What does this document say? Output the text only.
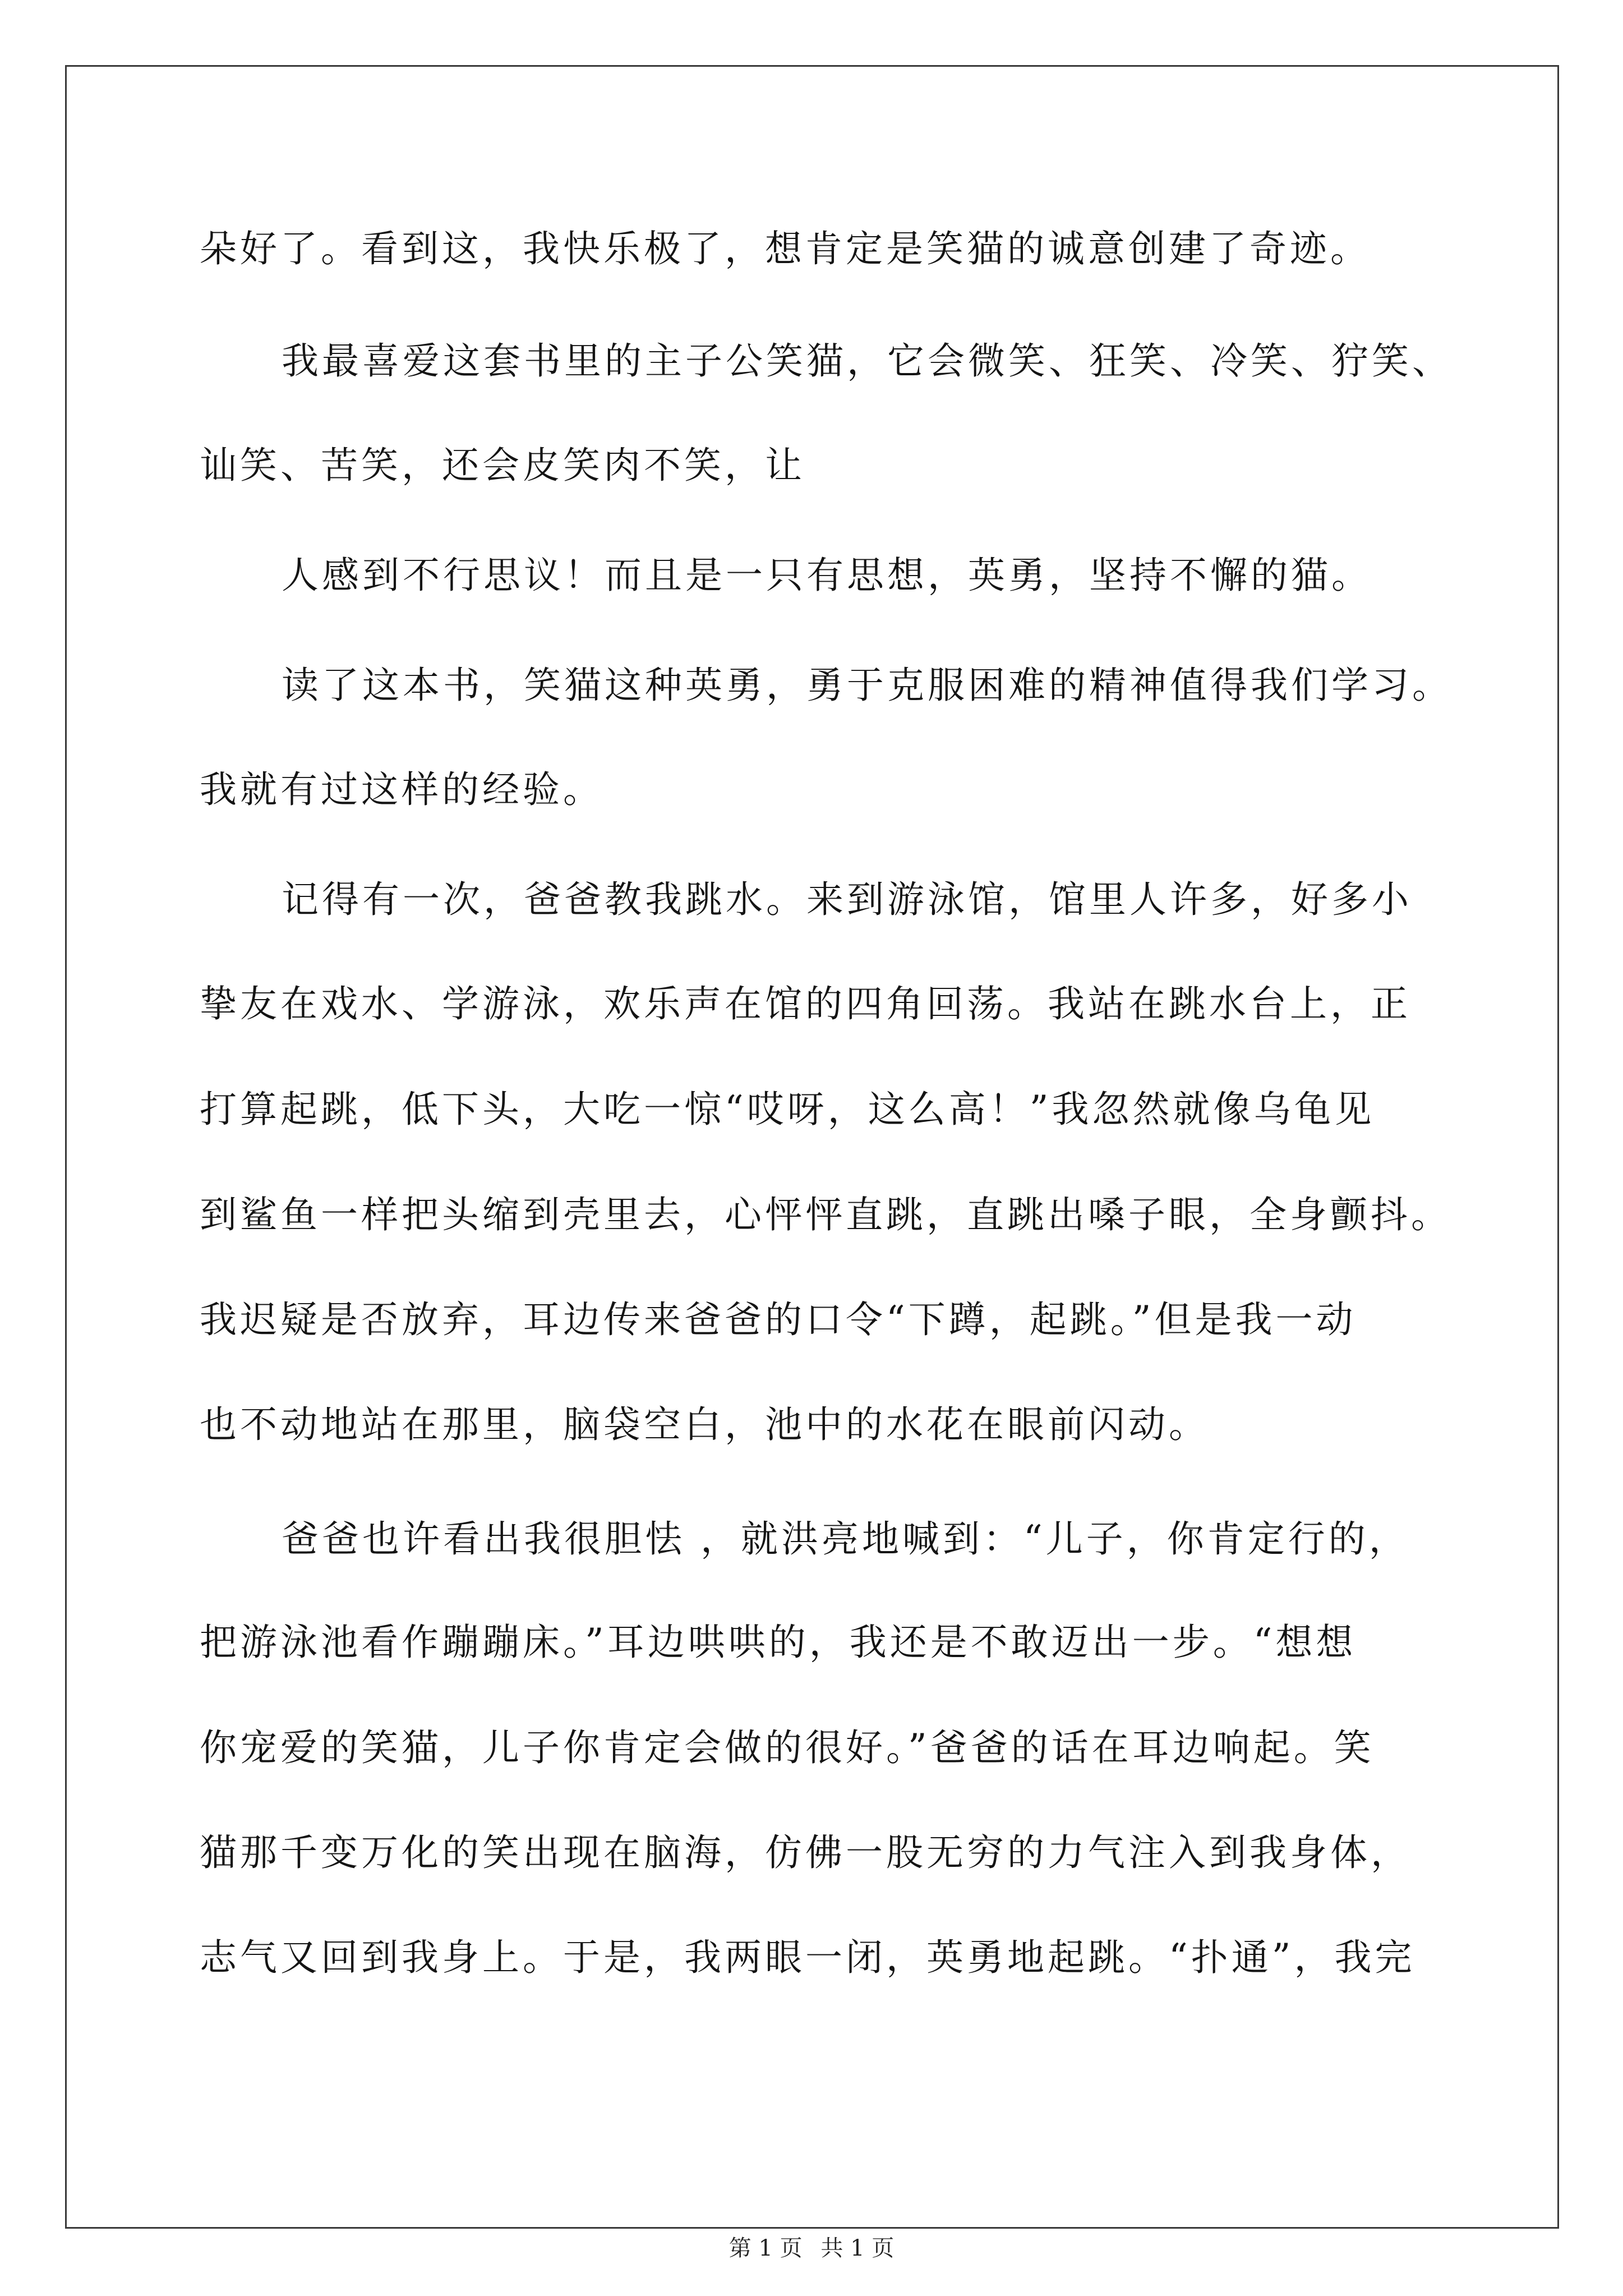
朵好了。看到这，我快乐极了，想肯定是笑猫的诚意创建了奇迹。
我最喜爱这套书里的主子公笑猫，它会微笑、狂笑、冷笑、狞笑、
讪笑、苦笑，还会皮笑肉不笑，让
人感到不行思议！而且是一只有思想，英勇，坚持不懈的猫。
读了这本书，笑猫这种英勇，勇于克服困难的精神值得我们学习。
我就有过这样的经验。
记得有一次，爸爸教我跳水。来到游泳馆，馆里人许多，好多小
挚友在戏水、学游泳，欢乐声在馆的四角回荡。我站在跳水台上，正
打算起跳，低下头，大吃一惊“哎呀，这么高！”我忽然就像乌龟见
到鲨鱼一样把头缩到壳里去，心怦怦直跳，直跳出嗓子眼，全身颤抖。
我迟疑是否放弃，耳边传来爸爸的口令“下蹲，起跳。”但是我一动
也不动地站在那里，脑袋空白，池中的水花在眼前闪动。
爸爸也许看出我很胆怯 ，就洪亮地喊到：“儿子，你肯定行的，
把游泳池看作蹦蹦床。”耳边哄哄的，我还是不敢迈出一步。“想想
你宠爱的笑猫，儿子你肯定会做的很好。”爸爸的话在耳边响起。笑
猫那千变万化的笑出现在脑海，仿佛一股无穷的力气注入到我身体，
志气又回到我身上。于是，我两眼一闭，英勇地起跳。“扑通”，我完
第 1 页 共 1 页
